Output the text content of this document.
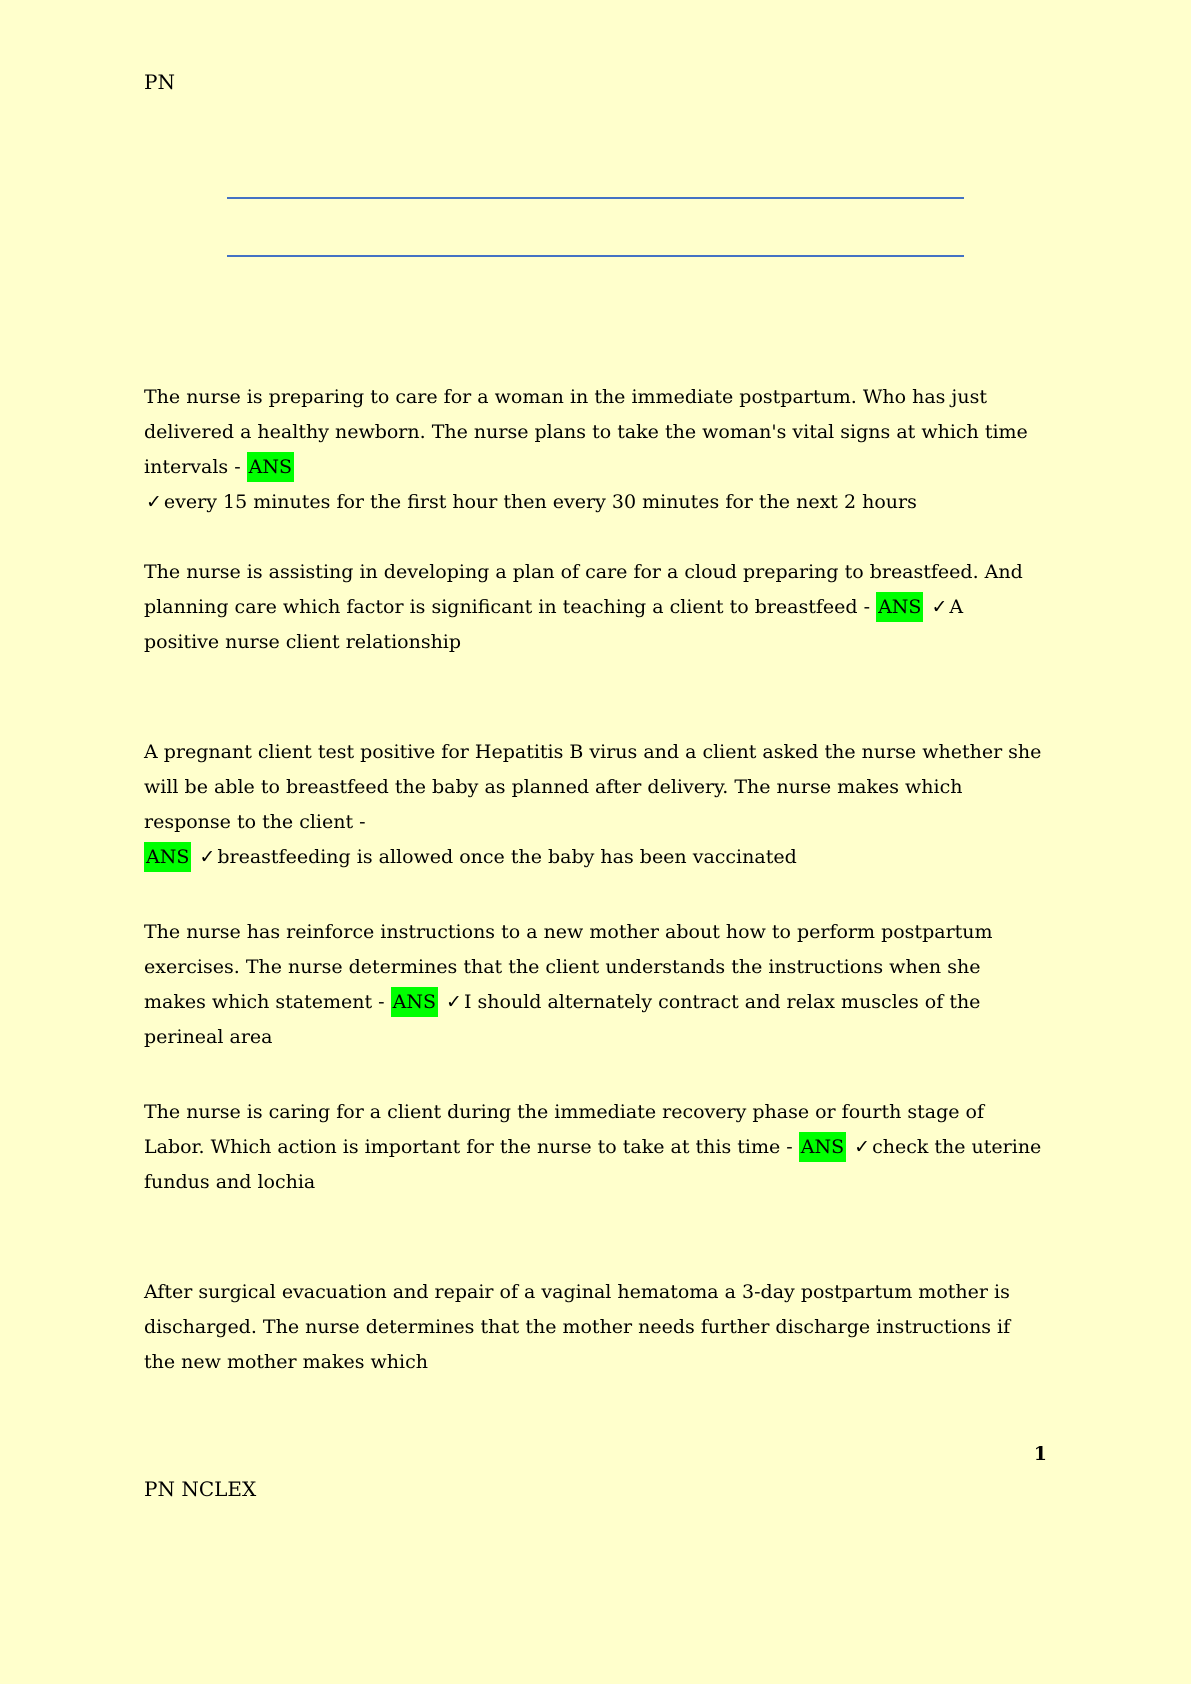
PN
The nurse is preparing to care for a woman in the immediate postpartum. Who has just delivered a healthy newborn. The nurse plans to take the woman's vital signs at which time intervals - ANS
✓ every 15 minutes for the first hour then every 30 minutes for the next 2 hours
The nurse is assisting in developing a plan of care for a cloud preparing to breastfeed. And planning care which factor is significant in teaching a client to breastfeed - ANS ✓ A positive nurse client relationship
A pregnant client test positive for Hepatitis B virus and a client asked the nurse whether she will be able to breastfeed the baby as planned after delivery. The nurse makes which response to the client -
ANS ✓ breastfeeding is allowed once the baby has been vaccinated
The nurse has reinforce instructions to a new mother about how to perform postpartum exercises. The nurse determines that the client understands the instructions when she makes which statement - ANS ✓ I should alternately contract and relax muscles of the perineal area
The nurse is caring for a client during the immediate recovery phase or fourth stage of Labor. Which action is important for the nurse to take at this time - ANS ✓ check the uterine fundus and lochia
After surgical evacuation and repair of a vaginal hematoma a 3-day postpartum mother is discharged. The nurse determines that the mother needs further discharge instructions if the new mother makes which
1
PN NCLEX
